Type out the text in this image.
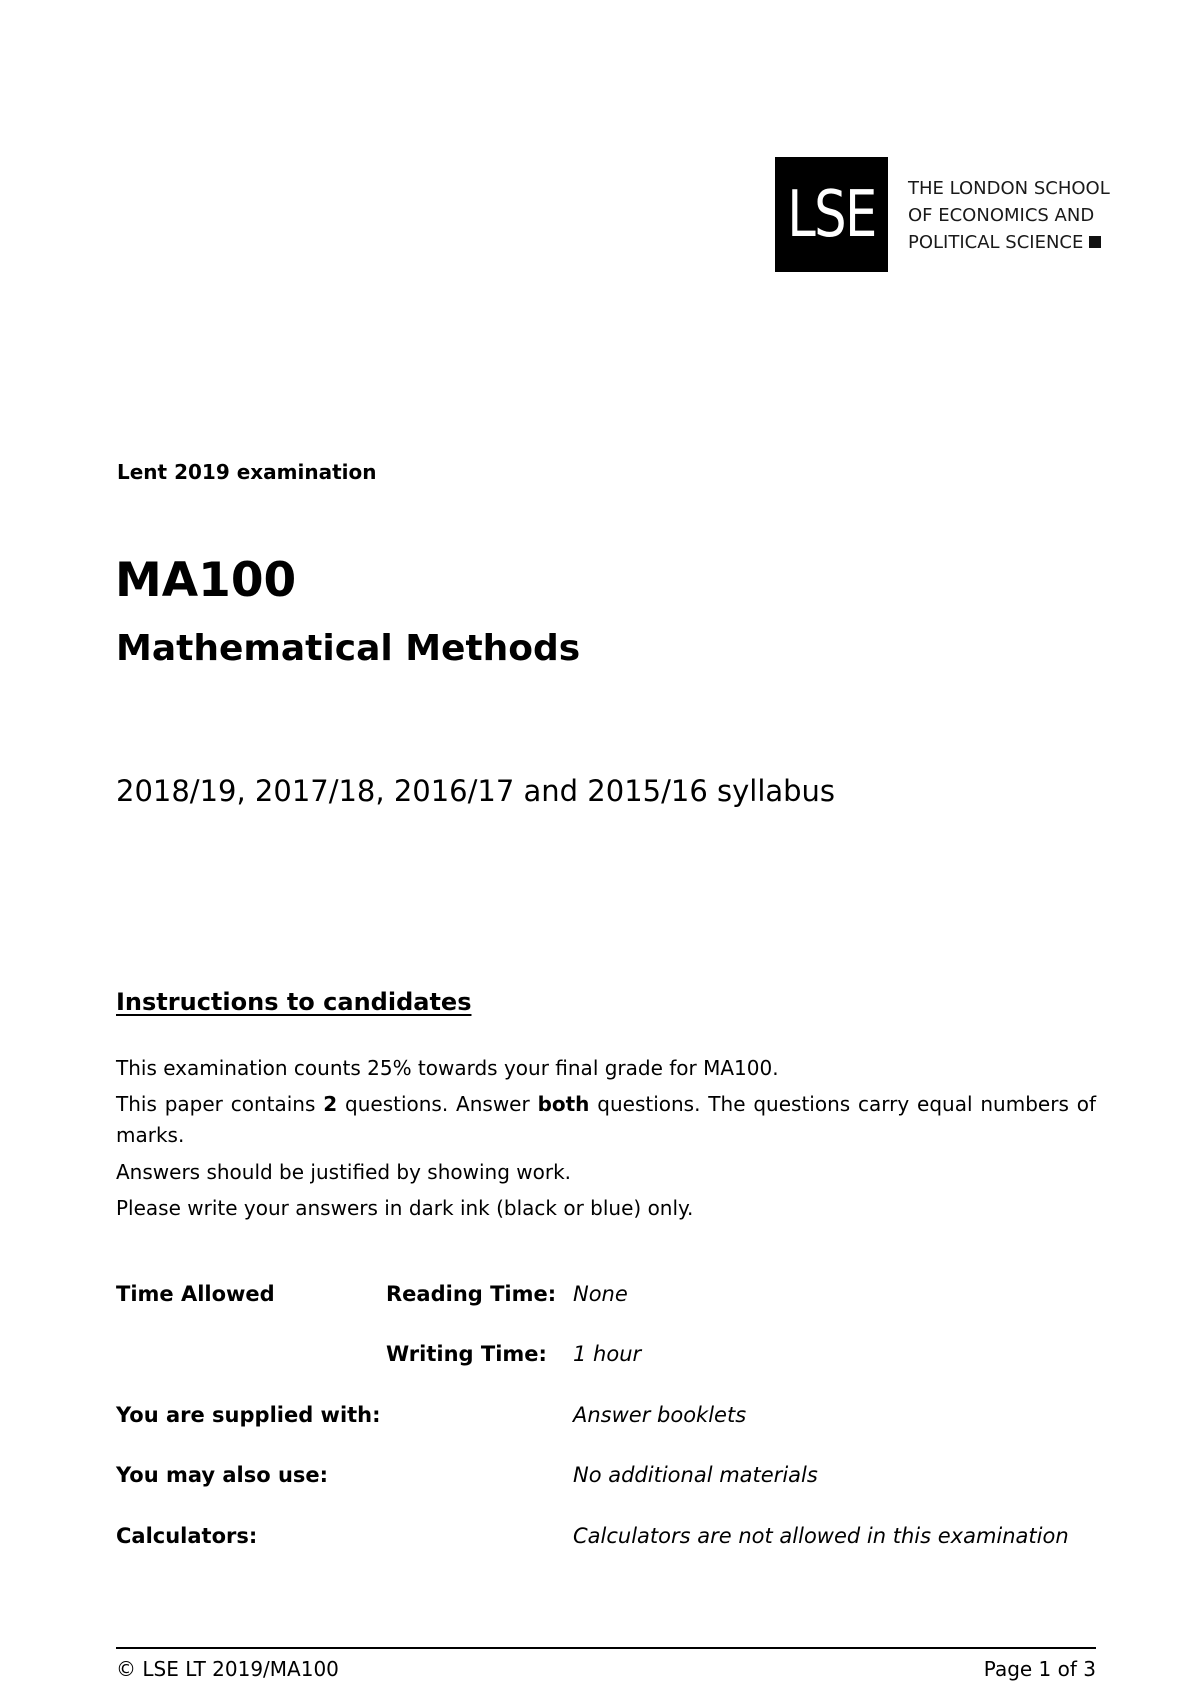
LSE THE LONDON SCHOOL
OF ECONOMICS AND
POLITICAL SCIENCE
Lent 2019 examination
MA100
Mathematical Methods
2018/19, 2017/18, 2016/17 and 2015/16 syllabus
Instructions to candidates
This examination counts 25% towards your final grade for MA100.
This paper contains 2 questions. Answer both questions. The questions carry equal numbers of marks.
Answers should be justified by showing work.
Please write your answers in dark ink (black or blue) only.
Time Allowed	Reading Time: None
Writing Time: 1 hour
You are supplied with:	Answer booklets
You may also use:	No additional materials
Calculators:	Calculators are not allowed in this examination
© LSE LT 2019/MA100	Page 1 of 3
